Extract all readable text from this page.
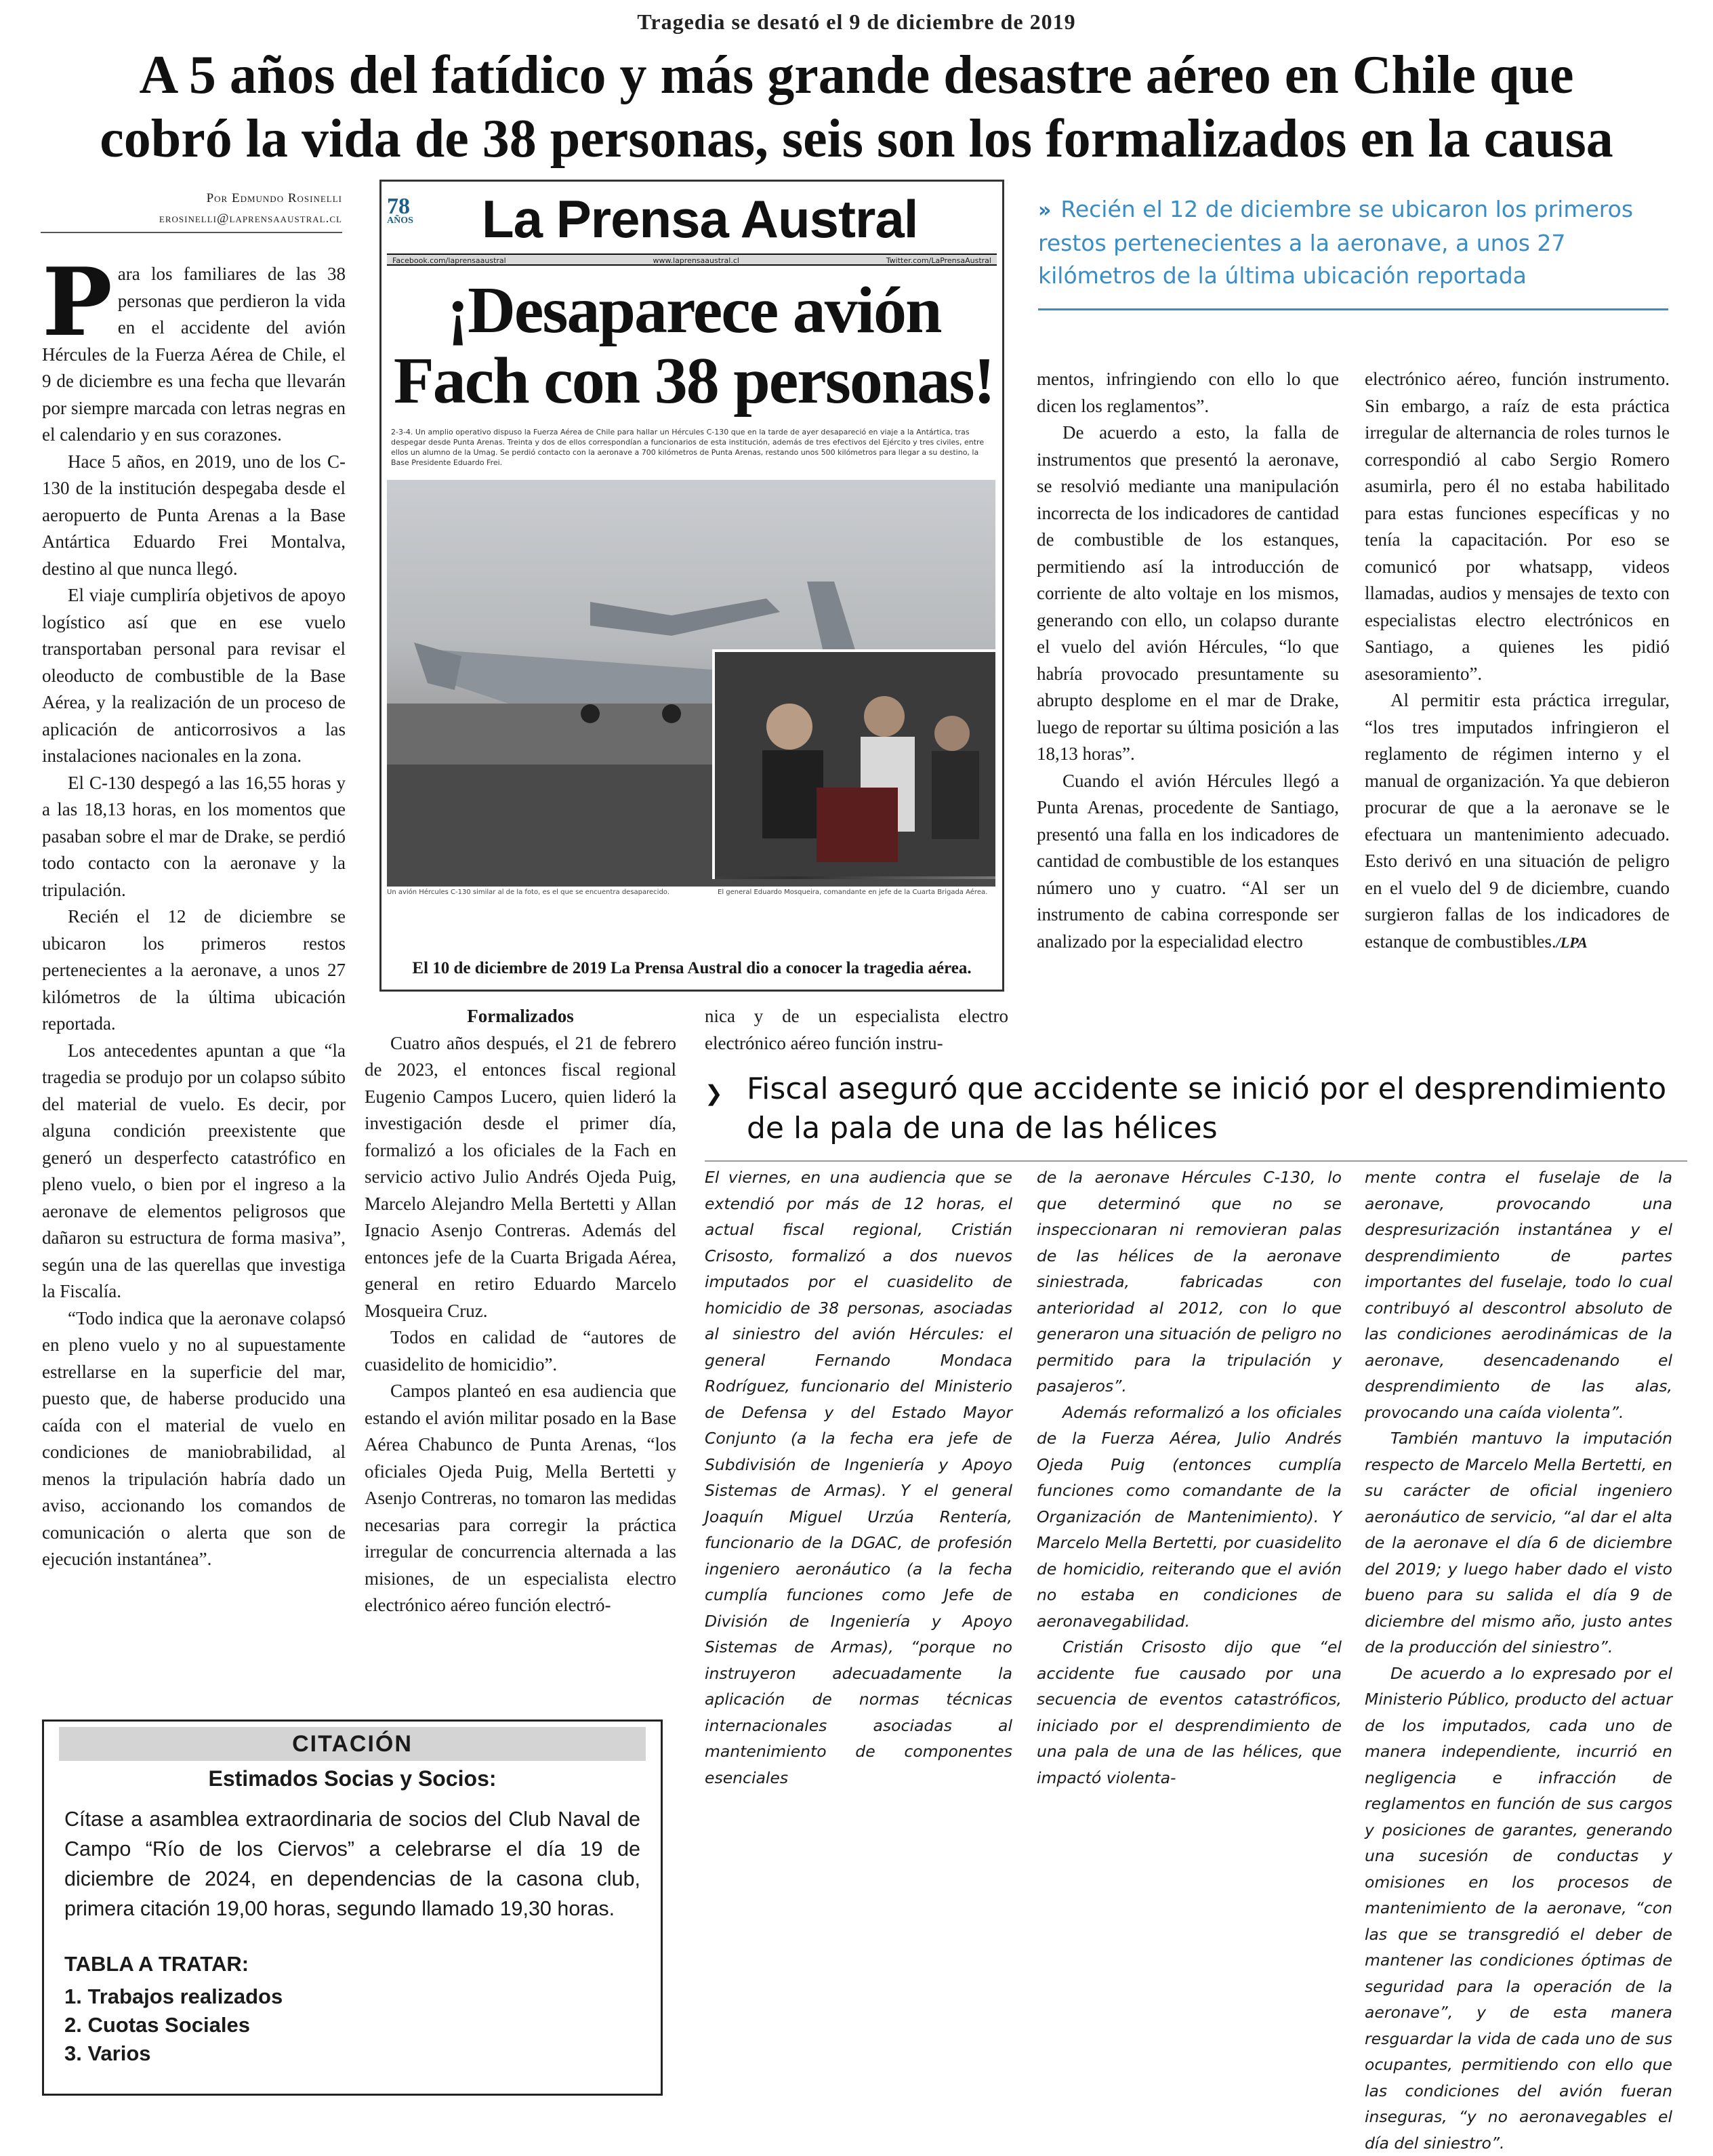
Tragedia se desató el 9 de diciembre de 2019
A 5 años del fatídico y más grande desastre aéreo en Chile que
cobró la vida de 38 personas, seis son los formalizados en la causa
Por Edmundo Rosinelli
erosinelli@laprensaaustral.cl

Para los familiares de las 38 personas que perdieron la vida en el accidente del avión Hércules de la Fuerza Aérea de Chile, el 9 de diciembre es una fecha que llevarán por siempre marcada con letras negras en el calendario y en sus corazones.

Hace 5 años, en 2019, uno de los C-130 de la institución despegaba desde el aeropuerto de Punta Arenas a la Base Antártica Eduardo Frei Montalva, destino al que nunca llegó.

El viaje cumpliría objetivos de apoyo logístico así que en ese vuelo transportaban personal para revisar el oleoducto de combustible de la Base Aérea, y la realización de un proceso de aplicación de anticorrosivos a las instalaciones nacionales en la zona.

El C-130 despegó a las 16,55 horas y a las 18,13 horas, en los momentos que pasaban sobre el mar de Drake, se perdió todo contacto con la aeronave y la tripulación.

Recién el 12 de diciembre se ubicaron los primeros restos pertenecientes a la aeronave, a unos 27 kilómetros de la última ubicación reportada.

Los antecedentes apuntan a que “la tragedia se produjo por un colapso súbito del material de vuelo. Es decir, por alguna condición preexistente que generó un desperfecto catastrófico en pleno vuelo, o bien por el ingreso a la aeronave de elementos peligrosos que dañaron su estructura de forma masiva”, según una de las querellas que investiga la Fiscalía.

“Todo indica que la aeronave colapsó en pleno vuelo y no al supuestamente estrellarse en la superficie del mar, puesto que, de haberse producido una caída con el material de vuelo en condiciones de maniobrabilidad, al menos la tripulación habría dado un aviso, accionando los comandos de comunicación o alerta que son de ejecución instantánea”.

78
AÑOS	La Prensa Austral
Facebook.com/laprensaaustral	www.laprensaaustral.cl	Twitter.com/LaPrensaAustral
¡Desaparece avión
Fach con 38 personas!
2-3-4. Un amplio operativo dispuso la Fuerza Aérea de Chile para hallar un Hércules C-130 que en la tarde de ayer desapareció en viaje a la Antártica, tras despegar desde Punta Arenas. Treinta y dos de ellos correspondían a funcionarios de esta institución, además de tres efectivos del Ejército y tres civiles, entre ellos un alumno de la Umag. Se perdió contacto con la aeronave a 700 kilómetros de Punta Arenas, restando unos 500 kilómetros para llegar a su destino, la Base Presidente Eduardo Frei.
Un avión Hércules C-130 similar al de la foto, es el que se encuentra desaparecido.	El general Eduardo Mosqueira, comandante en jefe de la Cuarta Brigada Aérea.
El 10 de diciembre de 2019 La Prensa Austral dio a conocer la tragedia aérea.
» Recién el 12 de diciembre se ubicaron los primeros restos pertenecientes a la aeronave, a unos 27 kilómetros de la última ubicación reportada
Formalizados

Cuatro años después, el 21 de febrero de 2023, el entonces fiscal regional Eugenio Campos Lucero, quien lideró la investigación desde el primer día, formalizó a los oficiales de la Fach en servicio activo Julio Andrés Ojeda Puig, Marcelo Alejandro Mella Bertetti y Allan Ignacio Asenjo Contreras. Además del entonces jefe de la Cuarta Brigada Aérea, general en retiro Eduardo Marcelo Mosqueira Cruz.

Todos en calidad de “autores de cuasidelito de homicidio”.

Campos planteó en esa audiencia que estando el avión militar posado en la Base Aérea Chabunco de Punta Arenas, “los oficiales Ojeda Puig, Mella Bertetti y Asenjo Contreras, no tomaron las medidas necesarias para corregir la práctica irregular de concurrencia alternada a las misiones, de un especialista electro electrónico aéreo función electró-

nica y de un especialista electro electrónico aéreo función instru-

mentos, infringiendo con ello lo que dicen los reglamentos”.

De acuerdo a esto, la falla de instrumentos que presentó la aeronave, se resolvió mediante una manipulación incorrecta de los indicadores de cantidad de combustible de los estanques, permitiendo así la introducción de corriente de alto voltaje en los mismos, generando con ello, un colapso durante el vuelo del avión Hércules, “lo que habría provocado presuntamente su abrupto desplome en el mar de Drake, luego de reportar su última posición a las 18,13 horas”.

Cuando el avión Hércules llegó a Punta Arenas, procedente de Santiago, presentó una falla en los indicadores de cantidad de combustible de los estanques número uno y cuatro. “Al ser un instrumento de cabina corresponde ser analizado por la especialidad electro

electrónico aéreo, función instrumento. Sin embargo, a raíz de esta práctica irregular de alternancia de roles turnos le correspondió al cabo Sergio Romero asumirla, pero él no estaba habilitado para estas funciones específicas y no tenía la capacitación. Por eso se comunicó por whatsapp, videos llamadas, audios y mensajes de texto con especialistas electro electrónicos en Santiago, a quienes les pidió asesoramiento”.

Al permitir esta práctica irregular, “los tres imputados infringieron el reglamento de régimen interno y el manual de organización. Ya que debieron procurar de que a la aeronave se le efectuara un mantenimiento adecuado. Esto derivó en una situación de peligro en el vuelo del 9 de diciembre, cuando surgieron fallas de los indicadores de estanque de combustibles./LPA

❯ Fiscal aseguró que accidente se inició por el desprendimiento de la pala de una de las hélices

El viernes, en una audiencia que se extendió por más de 12 horas, el actual fiscal regional, Cristián Crisosto, formalizó a dos nuevos imputados por el cuasidelito de homicidio de 38 personas, asociadas al siniestro del avión Hércules: el general Fernando Mondaca Rodríguez, funcionario del Ministerio de Defensa y del Estado Mayor Conjunto (a la fecha era jefe de Subdivisión de Ingeniería y Apoyo Sistemas de Armas). Y el general Joaquín Miguel Urzúa Rentería, funcionario de la DGAC, de profesión ingeniero aeronáutico (a la fecha cumplía funciones como Jefe de División de Ingeniería y Apoyo Sistemas de Armas), “porque no instruyeron adecuadamente la aplicación de normas técnicas internacionales asociadas al mantenimiento de componentes esenciales

de la aeronave Hércules C-130, lo que determinó que no se inspeccionaran ni removieran palas de las hélices de la aeronave siniestrada, fabricadas con anterioridad al 2012, con lo que generaron una situación de peligro no permitido para la tripulación y pasajeros”.

Además reformalizó a los oficiales de la Fuerza Aérea, Julio Andrés Ojeda Puig (entonces cumplía funciones como comandante de la Organización de Mantenimiento). Y Marcelo Mella Bertetti, por cuasidelito de homicidio, reiterando que el avión no estaba en condiciones de aeronavegabilidad.

Cristián Crisosto dijo que “el accidente fue causado por una secuencia de eventos catastróficos, iniciado por el desprendimiento de una pala de una de las hélices, que impactó violenta-

mente contra el fuselaje de la aeronave, provocando una despresurización instantánea y el desprendimiento de partes importantes del fuselaje, todo lo cual contribuyó al descontrol absoluto de las condiciones aerodinámicas de la aeronave, desencadenando el desprendimiento de las alas, provocando una caída violenta”.

También mantuvo la imputación respecto de Marcelo Mella Bertetti, en su carácter de oficial ingeniero aeronáutico de servicio, “al dar el alta de la aeronave el día 6 de diciembre del 2019; y luego haber dado el visto bueno para su salida el día 9 de diciembre del mismo año, justo antes de la producción del siniestro”.

De acuerdo a lo expresado por el Ministerio Público, producto del actuar de los imputados, cada uno de manera independiente, incurrió en negligencia e infracción de reglamentos en función de sus cargos y posiciones de garantes, generando una sucesión de conductas y omisiones en los procesos de mantenimiento de la aeronave, “con las que se transgredió el deber de mantener las condiciones óptimas de seguridad para la operación de la aeronave”, y de esta manera resguardar la vida de cada uno de sus ocupantes, permitiendo con ello que las condiciones del avión fueran inseguras, “y no aeronavegables el día del siniestro”.

CITACIÓN
Estimados Socias y Socios:
Cítase a asamblea extraordinaria de socios del Club Naval de Campo “Río de los Ciervos” a celebrarse el día 19 de diciembre de 2024, en dependencias de la casona club, primera citación 19,00 horas, segundo llamado 19,30 horas.
TABLA A TRATAR:
1. Trabajos realizados
2. Cuotas Sociales
3. Varios
